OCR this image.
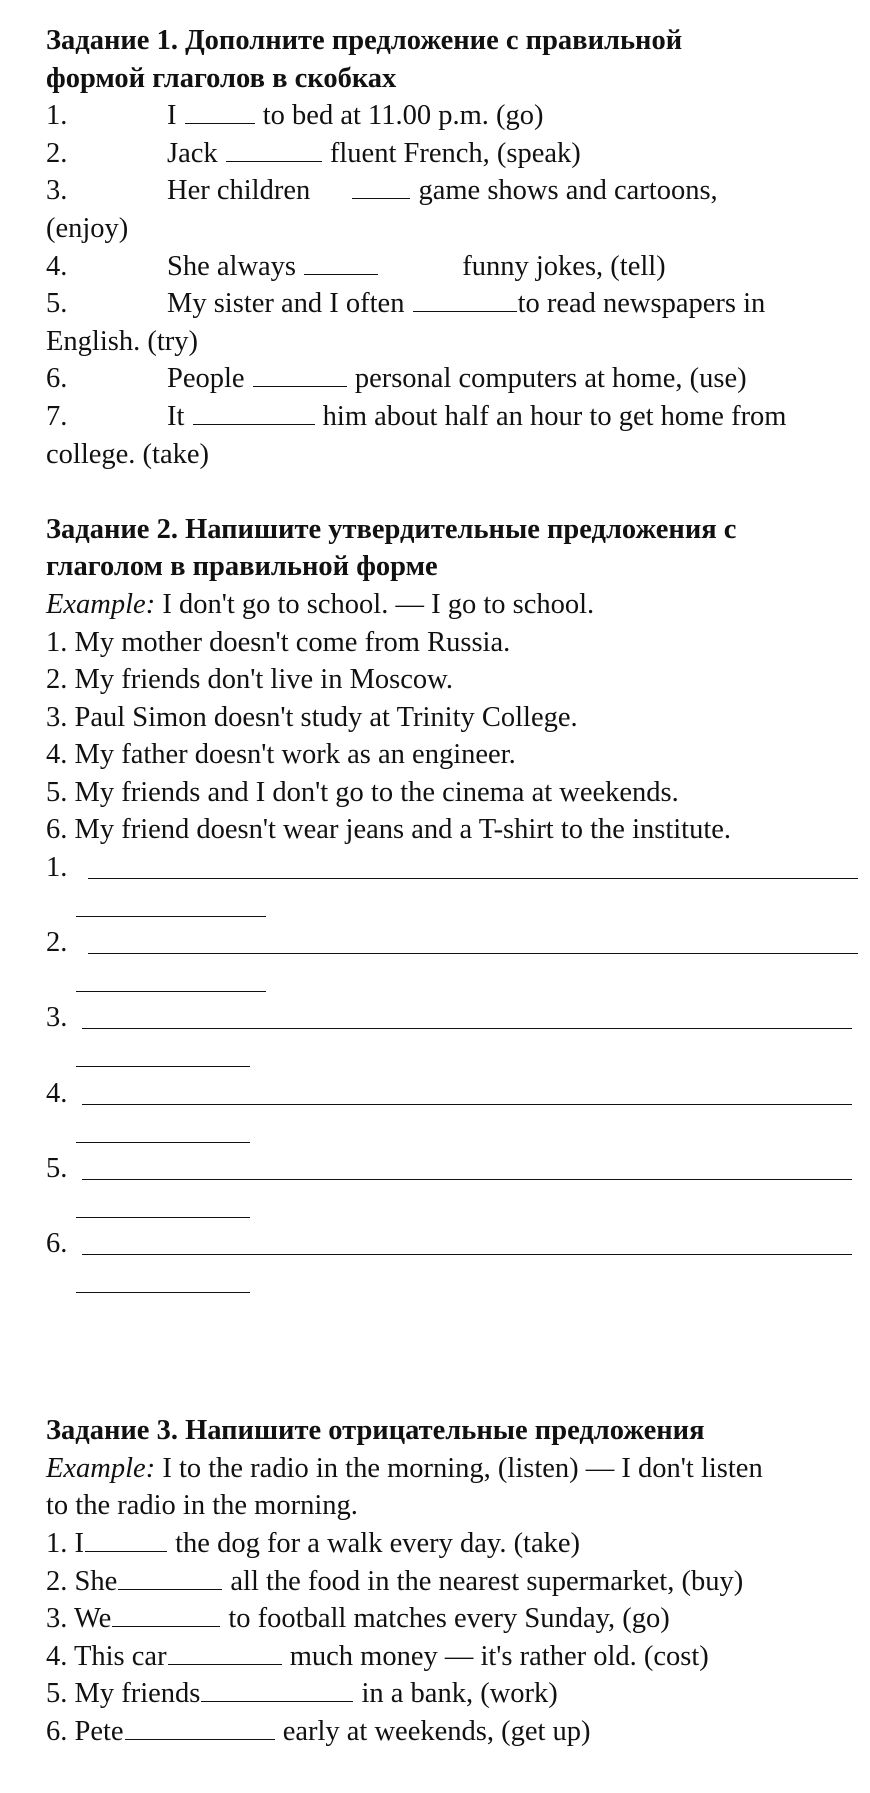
Задание 1. Дополните предложение с правильной
формой глаголов в скобках
1.	I	to bed at 11.00 p.m. (go)
2.	Jack	fluent French, (speak)
3.	Her children	game shows and cartoons,
(enjoy)
4.	She always	funny jokes, (tell)
5.	My sister and I often	to read newspapers in
English. (try)
6.	People	personal computers at home, (use)
7.	It	him about half an hour to get home from
college. (take)
Задание 2. Напишите утвердительные предложения с
глаголом в правильной форме
Example: I don't go to school. — I go to school.
1. My mother doesn't come from Russia.
2. My friends don't live in Moscow.
3. Paul Simon doesn't study at Trinity College.
4. My father doesn't work as an engineer.
5. My friends and I don't go to the cinema at weekends.
6. My friend doesn't wear jeans and a T-shirt to the institute.
1.
2.
3.
4.
5.
6.
Задание 3. Напишите отрицательные предложения
Example: I to the radio in the morning, (listen) — I don't listen
to the radio in the morning.
1. I	the dog for a walk every day. (take)
2. She	all the food in the nearest supermarket, (buy)
3. We	to football matches every Sunday, (go)
4. This car	much money — it's rather old. (cost)
5. My friends	in a bank, (work)
6. Pete	early at weekends, (get up)
